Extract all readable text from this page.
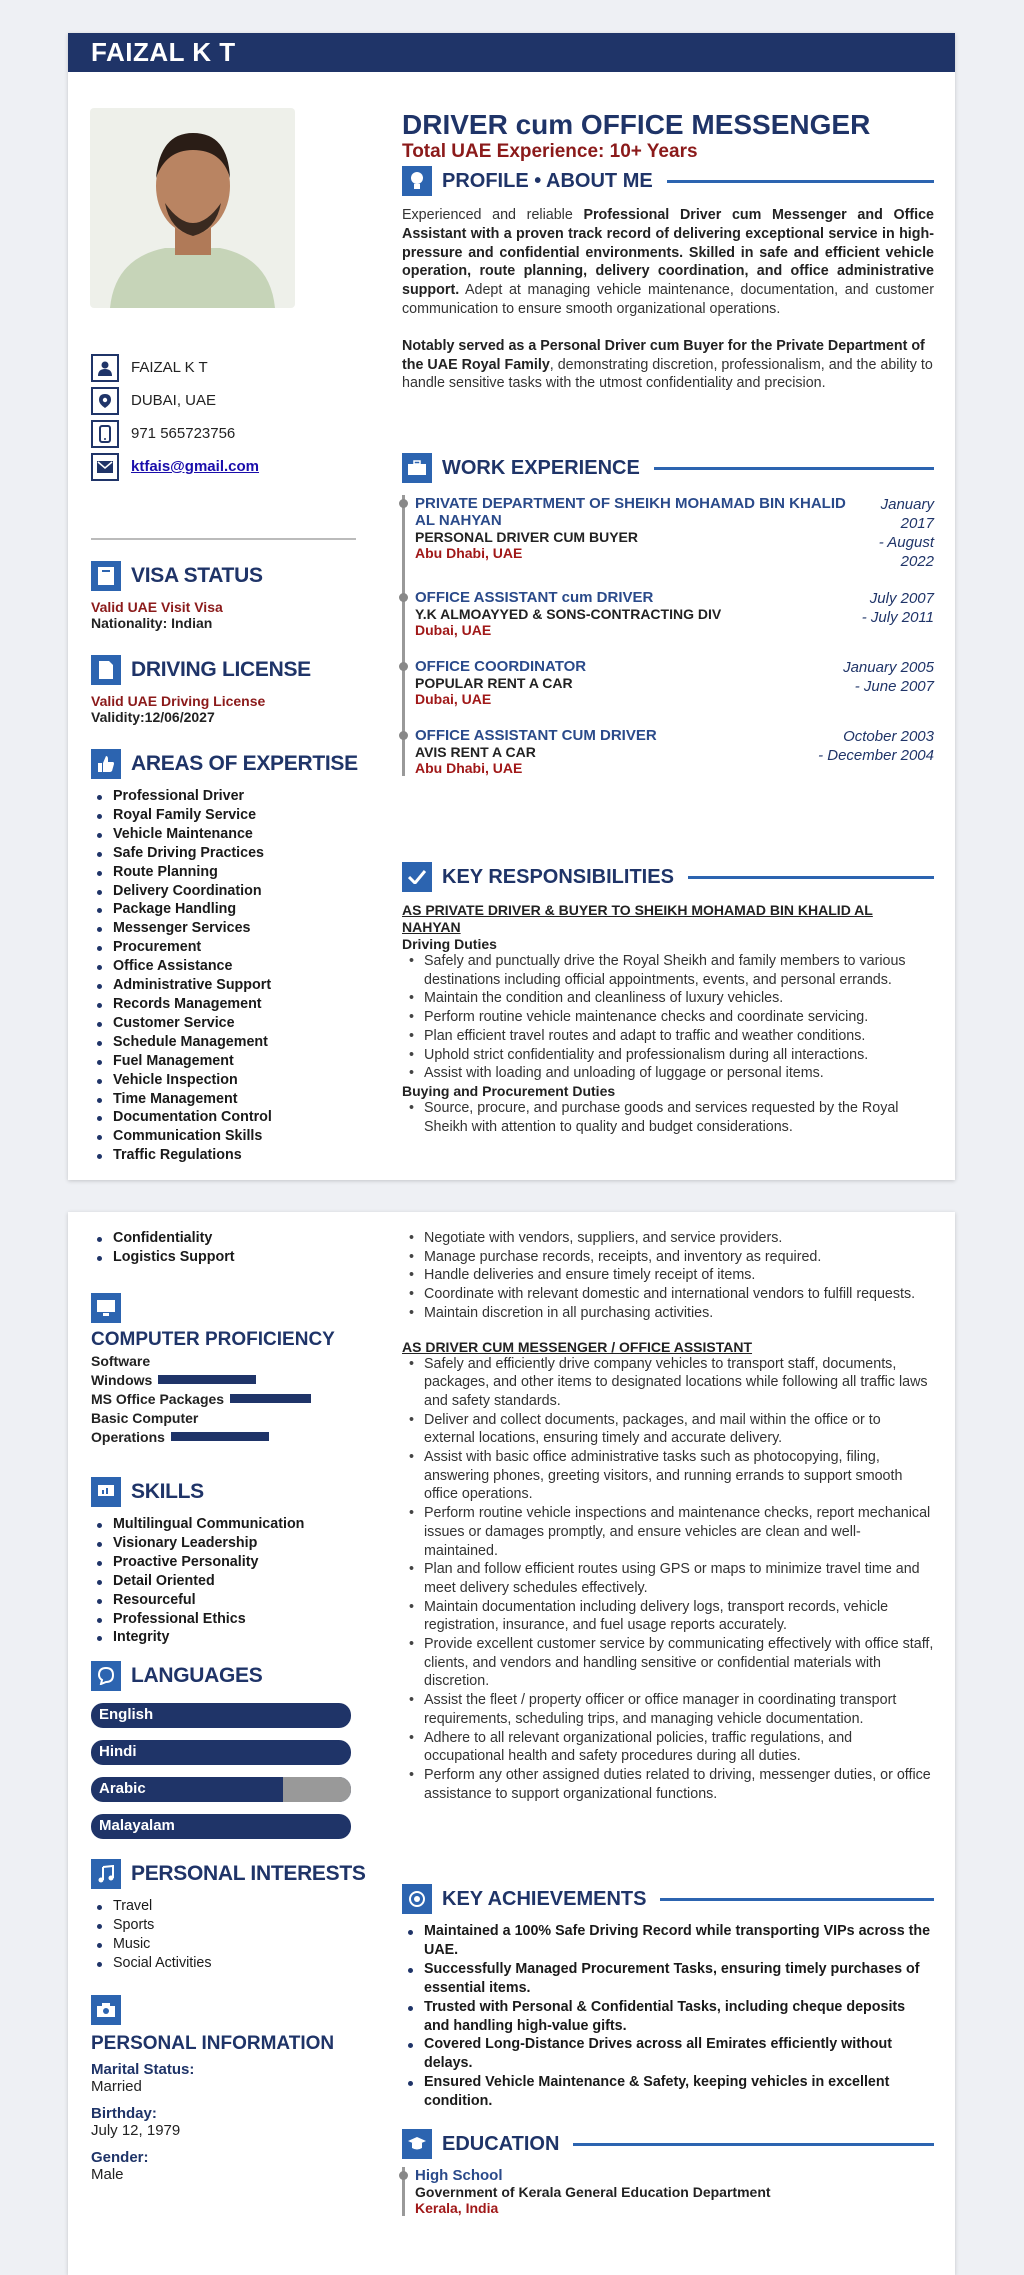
FAIZAL K T
FAIZAL K T
DUBAI, UAE
971 565723756
ktfais@gmail.com
VISA STATUS
Valid UAE Visit Visa
Nationality: Indian
DRIVING LICENSE
Valid UAE Driving License
Validity:12/06/2027
AREAS OF EXPERTISE
Professional Driver
Royal Family Service
Vehicle Maintenance
Safe Driving Practices
Route Planning
Delivery Coordination
Package Handling
Messenger Services
Procurement
Office Assistance
Administrative Support
Records Management
Customer Service
Schedule Management
Fuel Management
Vehicle Inspection
Time Management
Documentation Control
Communication Skills
Traffic Regulations
DRIVER cum OFFICE MESSENGER
Total UAE Experience: 10+ Years
PROFILE • ABOUT ME

Experienced and reliable Professional Driver cum Messenger and Office Assistant with a proven track record of delivering exceptional service in high-pressure and confidential environments. Skilled in safe and efficient vehicle operation, route planning, delivery coordination, and office administrative support. Adept at managing vehicle maintenance, documentation, and customer communication to ensure smooth organizational operations.

Notably served as a Personal Driver cum Buyer for the Private Department of the UAE Royal Family, demonstrating discretion, professionalism, and the ability to handle sensitive tasks with the utmost confidentiality and precision.

WORK EXPERIENCE
January
2017
- August
2022
PRIVATE DEPARTMENT OF SHEIKH MOHAMAD BIN KHALID AL NAHYAN
PERSONAL DRIVER CUM BUYER
Abu Dhabi, UAE
July 2007
- July 2011
OFFICE ASSISTANT cum DRIVER
Y.K ALMOAYYED & SONS-CONTRACTING DIV
Dubai, UAE
January 2005
- June 2007
OFFICE COORDINATOR
POPULAR RENT A CAR
Dubai, UAE
October 2003
- December 2004
OFFICE ASSISTANT CUM DRIVER
AVIS RENT A CAR
Abu Dhabi, UAE
KEY RESPONSIBILITIES
AS PRIVATE DRIVER & BUYER TO SHEIKH MOHAMAD BIN KHALID AL NAHYAN
Driving Duties
• Safely and punctually drive the Royal Sheikh and family members to various destinations including official appointments, events, and personal errands.
• Maintain the condition and cleanliness of luxury vehicles.
• Perform routine vehicle maintenance checks and coordinate servicing.
• Plan efficient travel routes and adapt to traffic and weather conditions.
• Uphold strict confidentiality and professionalism during all interactions.
• Assist with loading and unloading of luggage or personal items.
Buying and Procurement Duties
• Source, procure, and purchase goods and services requested by the Royal Sheikh with attention to quality and budget considerations.
Confidentiality
Logistics Support
COMPUTER PROFICIENCY
Software
Windows
MS Office Packages
Basic Computer
Operations
SKILLS
Multilingual Communication
Visionary Leadership
Proactive Personality
Detail Oriented
Resourceful
Professional Ethics
Integrity
LANGUAGES
English
Hindi
Arabic
Malayalam
PERSONAL INTERESTS
Travel
Sports
Music
Social Activities
PERSONAL INFORMATION
Marital Status:
Married
Birthday:
July 12, 1979
Gender:
Male
• Negotiate with vendors, suppliers, and service providers.
• Manage purchase records, receipts, and inventory as required.
• Handle deliveries and ensure timely receipt of items.
• Coordinate with relevant domestic and international vendors to fulfill requests.
• Maintain discretion in all purchasing activities.
AS DRIVER CUM MESSENGER / OFFICE ASSISTANT
• Safely and efficiently drive company vehicles to transport staff, documents, packages, and other items to designated locations while following all traffic laws and safety standards.
• Deliver and collect documents, packages, and mail within the office or to external locations, ensuring timely and accurate delivery.
• Assist with basic office administrative tasks such as photocopying, filing, answering phones, greeting visitors, and running errands to support smooth office operations.
• Perform routine vehicle inspections and maintenance checks, report mechanical issues or damages promptly, and ensure vehicles are clean and well-maintained.
• Plan and follow efficient routes using GPS or maps to minimize travel time and meet delivery schedules effectively.
• Maintain documentation including delivery logs, transport records, vehicle registration, insurance, and fuel usage reports accurately.
• Provide excellent customer service by communicating effectively with office staff, clients, and vendors and handling sensitive or confidential materials with discretion.
• Assist the fleet / property officer or office manager in coordinating transport requirements, scheduling trips, and managing vehicle documentation.
• Adhere to all relevant organizational policies, traffic regulations, and occupational health and safety procedures during all duties.
• Perform any other assigned duties related to driving, messenger duties, or office assistance to support organizational functions.
KEY ACHIEVEMENTS
Maintained a 100% Safe Driving Record while transporting VIPs across the UAE.
Successfully Managed Procurement Tasks, ensuring timely purchases of essential items.
Trusted with Personal & Confidential Tasks, including cheque deposits and handling high-value gifts.
Covered Long-Distance Drives across all Emirates efficiently without delays.
Ensured Vehicle Maintenance & Safety, keeping vehicles in excellent condition.
EDUCATION
High School
Government of Kerala General Education Department
Kerala, India
